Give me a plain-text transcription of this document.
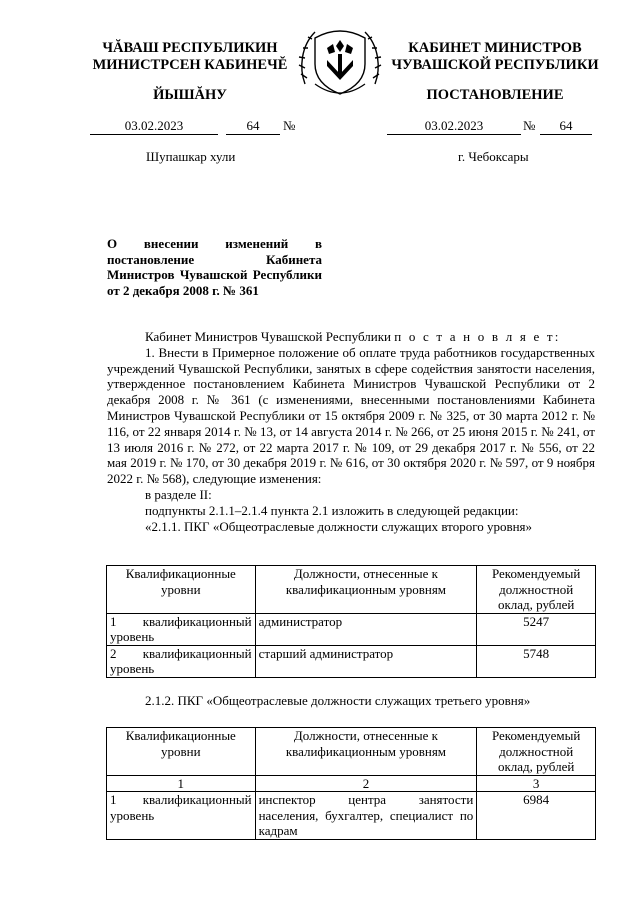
ЧĂВАШ РЕСПУБЛИКИН
МИНИСТРСЕН КАБИНЕЧĔ
ЙЫШĂНУ
КАБИНЕТ МИНИСТРОВ
ЧУВАШСКОЙ РЕСПУБЛИКИ
ПОСТАНОВЛЕНИЕ
03.02.2023	64	№	03.02.2023	№	64
Шупашкар хули	г. Чебоксары
О внесении изменений в постановление Кабинета Министров Чувашской Республики от 2 декабря 2008 г. № 361

Кабинет Министров Чувашской Республики п о с т а н о в л я е т:

1. Внести в Примерное положение об оплате труда работников государственных учреждений Чувашской Республики, занятых в сфере содействия занятости населения, утвержденное постановлением Кабинета Министров Чувашской Республики от 2 декабря 2008 г. № 361 (с изменениями, внесенными постановлениями Кабинета Министров Чувашской Республики от 15 октября 2009 г. № 325, от 30 марта 2012 г. № 116, от 22 января 2014 г. № 13, от 14 августа 2014 г. № 266, от 25 июня 2015 г. № 241, от 13 июля 2016 г. № 272, от 22 марта 2017 г. № 109, от 29 декабря 2017 г. № 556, от 22 мая 2019 г. № 170, от 30 декабря 2019 г. № 616, от 30 октября 2020 г. № 597, от 9 ноября 2022 г. № 568), следующие изменения:

в разделе II:

подпункты 2.1.1–2.1.4 пункта 2.1 изложить в следующей редакции:

«2.1.1. ПКГ «Общеотраслевые должности служащих второго уровня»

Квалификационные уровни	Должности, отнесенные к квалификационным уровням	Рекомендуемый должностной оклад, рублей
1 квалификационный уровень	администратор	5247
2 квалификационный уровень	старший администратор	5748
2.1.2. ПКГ «Общеотраслевые должности служащих третьего уровня»
Квалификационные уровни	Должности, отнесенные к квалификационным уровням	Рекомендуемый должностной оклад, рублей
1	2	3
1 квалификационный уровень	инспектор центра занятости населения, бухгалтер, специалист по кадрам	6984
